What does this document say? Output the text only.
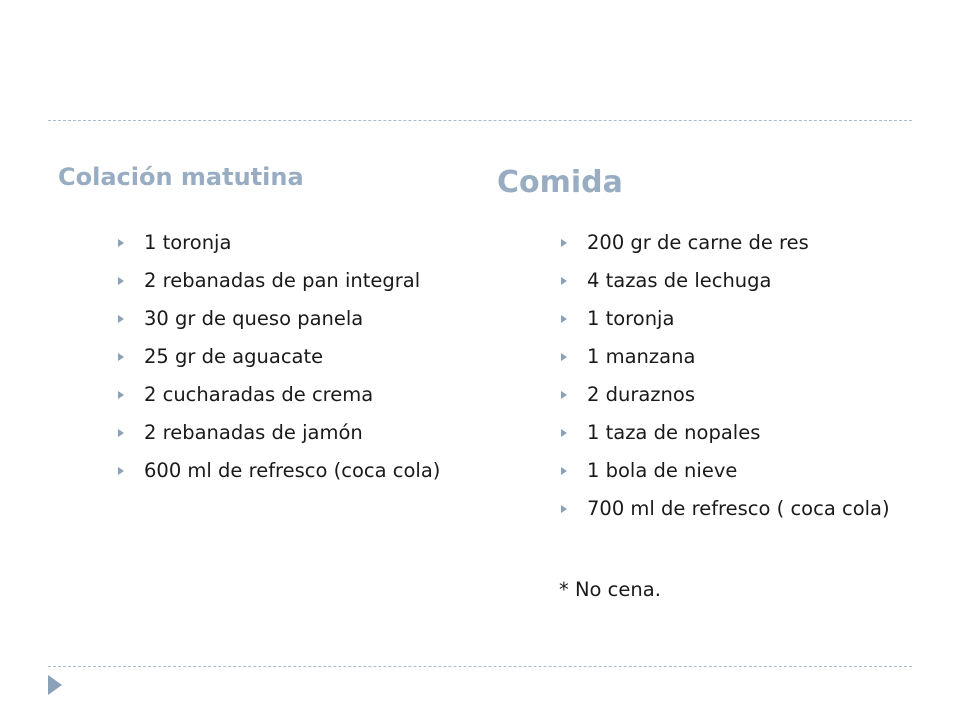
Colación matutina	Comida
1 toronja
2 rebanadas de pan integral
30 gr de queso panela
25 gr de aguacate
2 cucharadas de crema
2 rebanadas de jamón
600 ml de refresco (coca cola)
200 gr de carne de res
4 tazas de lechuga
1 toronja
1 manzana
2 duraznos
1 taza de nopales
1 bola de nieve
700 ml de refresco ( coca cola)

* No cena.
